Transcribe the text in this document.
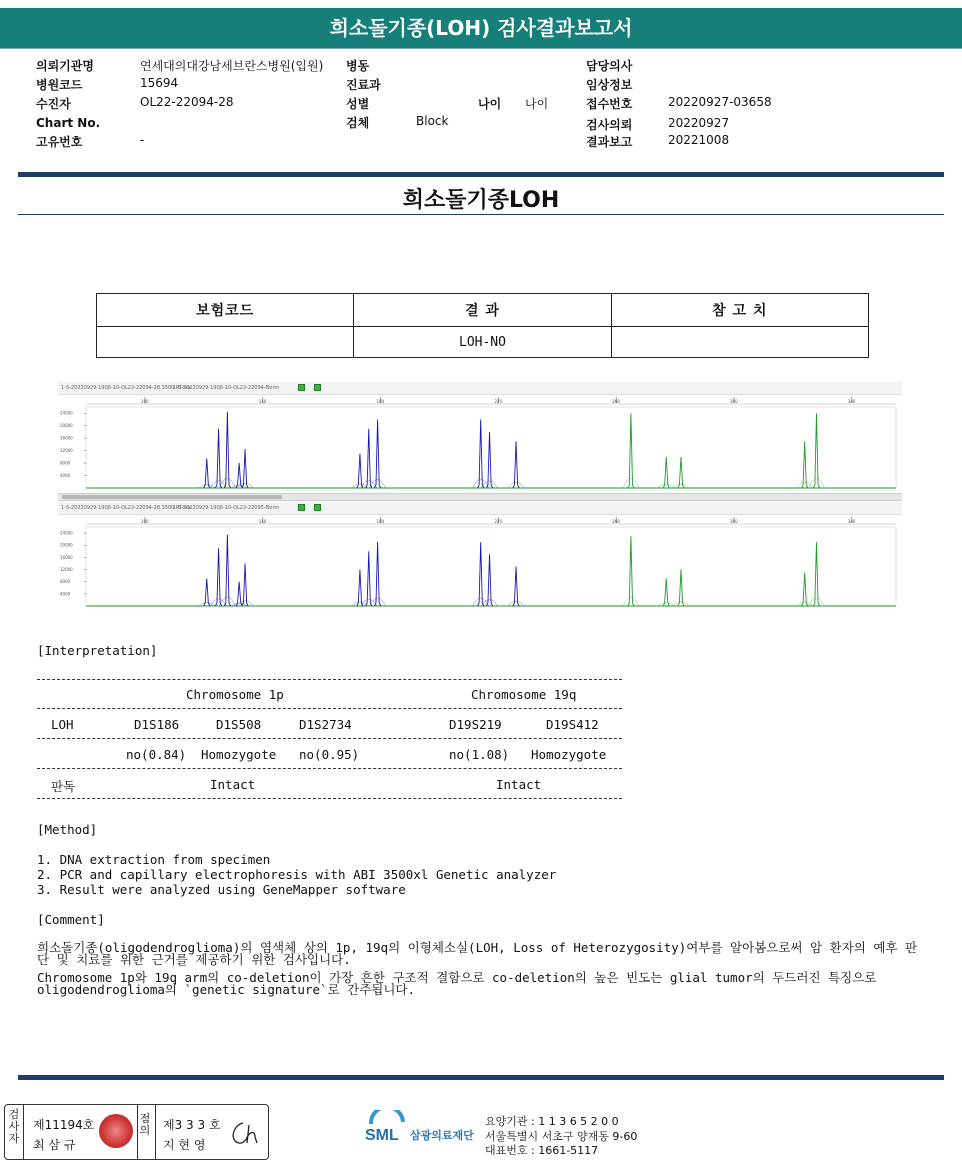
희소돌기종(LOH) 검사결과보고서
의뢰기관명	연세대의대강남세브란스병원(입원)
병원코드	15694
수진자	OL22-22094-28
Chart No.
고유번호	-
병동
진료과
성별	나이 나이
검체	Block
담당의사
임상정보
접수번호	20220927-03658
검사의뢰	20220927
결과보고	20221008
희소돌기종LOH
보험코드	결 과	참 고 치
	LOH-NO	
1-S-20220929-1908-10-OL22-22094-28.3500.RT.fsa
1-S-20220929-1908-10-OL22-22094-Norm
100	140	180	220	260	300	340
24000
20000
16000
12000
8000
4000
1-S-20220929-1908-10-OL22-22094-28.3500.RT.fsa
1-S-20220929-1908-10-OL22-22095-Norm
100	140	180	220	260	300	340
24000
20000
16000
12000
8000
4000
[Interpretation]
Chromosome 1p	Chromosome 19q
LOH	D1S186	D1S508	D1S2734	D19S219	D19S412
no(0.84) Homozygote no(0.95)	no(1.08) Homozygote
판독	Intact	Intact
[Method]
1. DNA extraction from specimen
2. PCR and capillary electrophoresis with ABI 3500xl Genetic analyzer
3. Result were analyzed using GeneMapper software
[Comment]
희소돌기종(oligodendroglioma)의 염색체 상의 1p, 19q의 이형체소실(LOH, Loss of Heterozygosity)여부를 알아봄으로써 암 환자의 예후 판단 및 치료를 위한 근거를 제공하기 위한 검사입니다.
Chromosome 1p와 19q arm의 co-deletion이 가장 흔한 구조적 결함으로 co-deletion의 높은 빈도는 glial tumor의 두드러진 특징으로 oligodendroglioma의 `genetic signature`로 간주됩니다.
검사자
제11194호
최 삼 규
점의 제3 3 3 호
지 현 영
SML 삼광의료재단
요양기관 : 1 1 3 6 5 2 0 0
서울특별시 서초구 양재동 9-60
대표번호 : 1661-5117
